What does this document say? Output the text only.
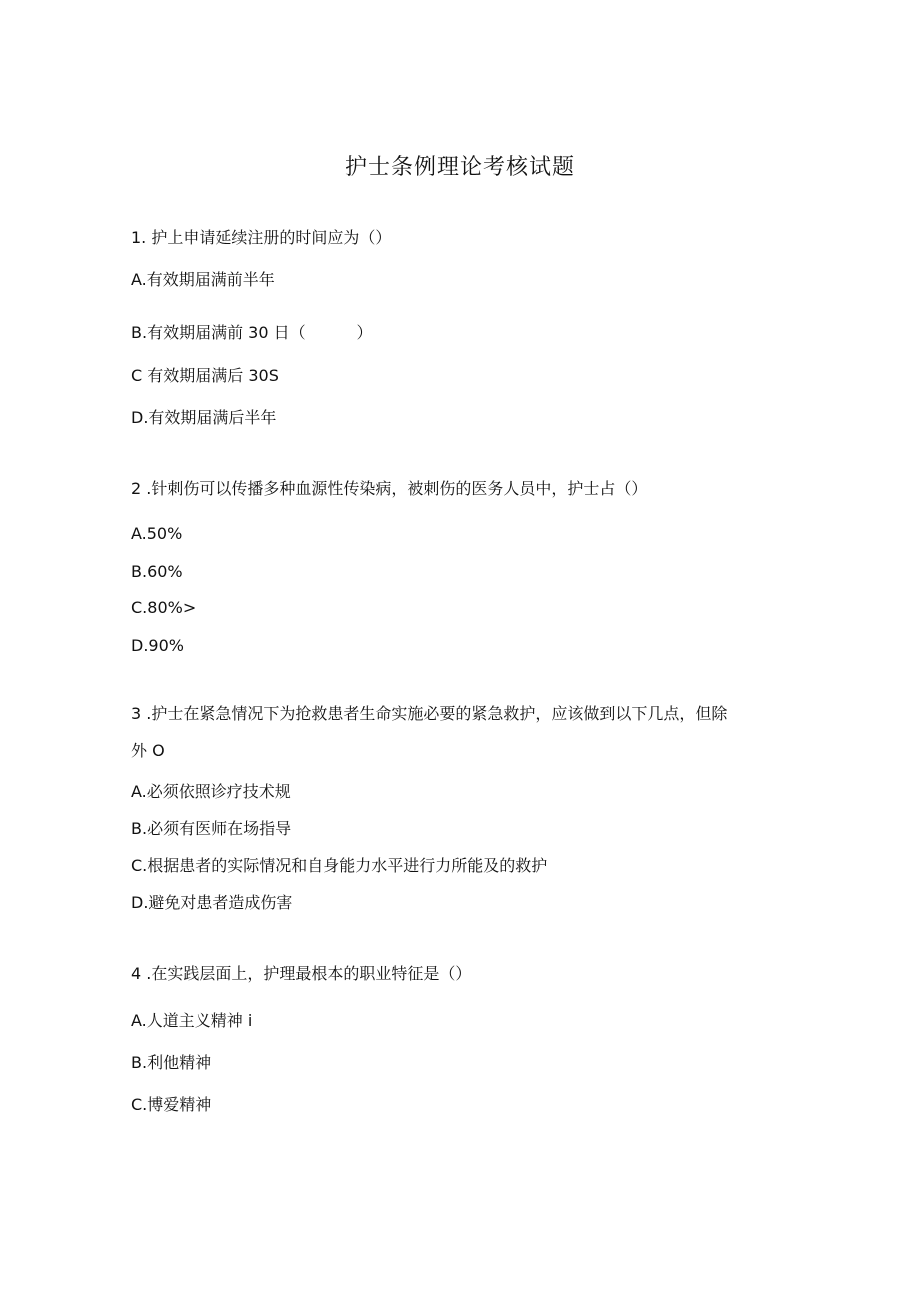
护士条例理论考核试题
1. 护上申请延续注册的时间应为（）
A.有效期届满前半年
B.有效期届满前 30 日（          ）
C 有效期届满后 30S
D.有效期届满后半年
2 .针刺伤可以传播多种血源性传染病，被刺伤的医务人员中，护士占（）
A.50%
B.60%
C.80%>
D.90%
3 .护士在紧急情况下为抢救患者生命实施必要的紧急救护，应该做到以下几点，但除
外 O
A.必须依照诊疗技术规
B.必须有医师在场指导
C.根据患者的实际情况和自身能力水平进行力所能及的救护
D.避免对患者造成伤害
4 .在实践层面上，护理最根本的职业特征是（）
A.人道主义精神 i
B.利他精神
C.博爱精神
